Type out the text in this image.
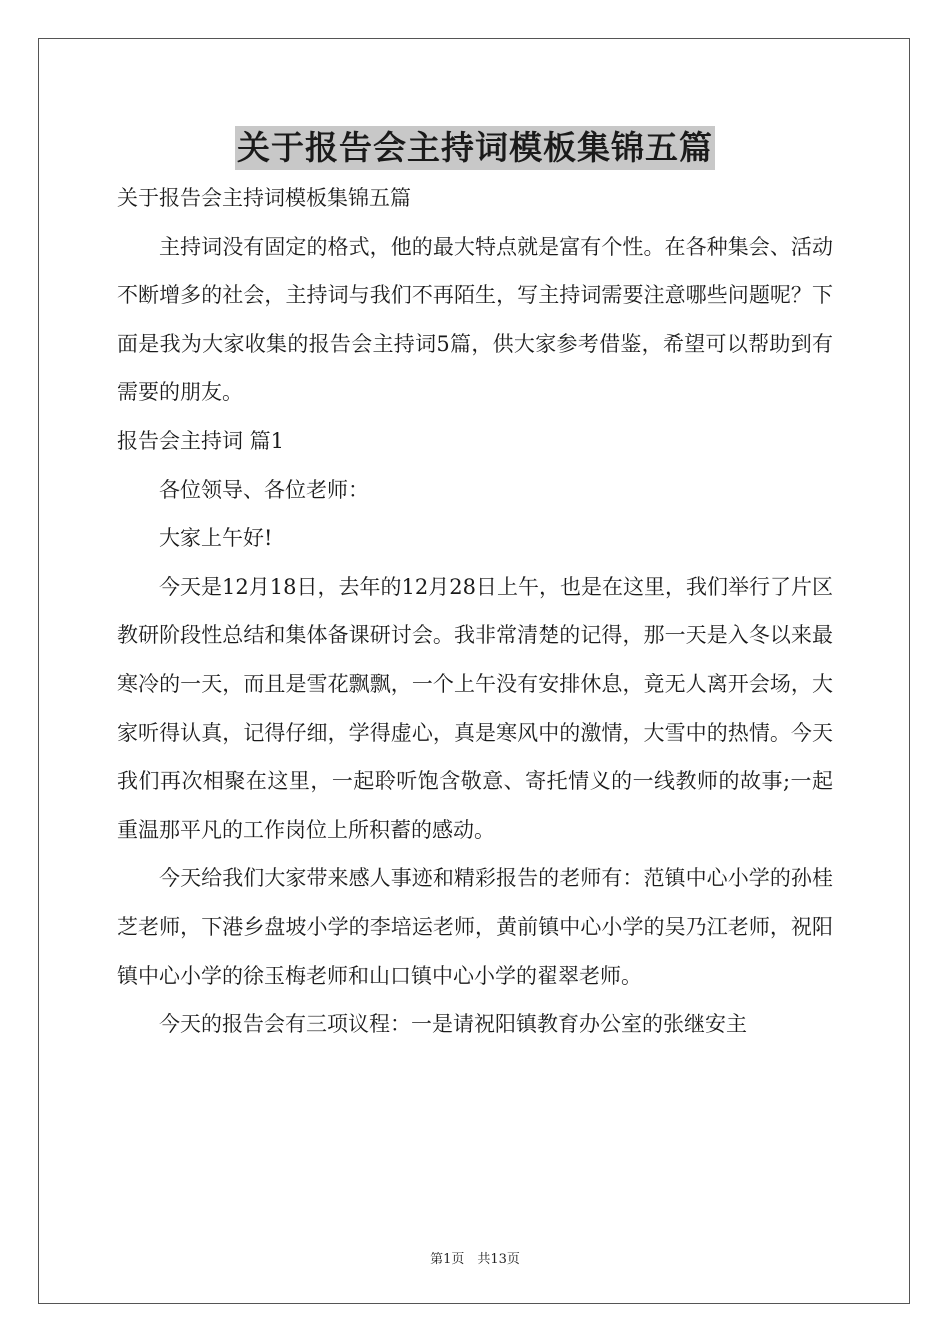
关于报告会主持词模板集锦五篇

关于报告会主持词模板集锦五篇

主持词没有固定的格式，他的最大特点就是富有个性。在各种集会、活动不断增多的社会，主持词与我们不再陌生，写主持词需要注意哪些问题呢？下面是我为大家收集的报告会主持词5篇，供大家参考借鉴，希望可以帮助到有需要的朋友。

报告会主持词 篇1

各位领导、各位老师：

大家上午好!

今天是12月18日，去年的12月28日上午，也是在这里，我们举行了片区教研阶段性总结和集体备课研讨会。我非常清楚的记得，那一天是入冬以来最寒冷的一天，而且是雪花飘飘，一个上午没有安排休息，竟无人离开会场，大家听得认真，记得仔细，学得虚心，真是寒风中的激情，大雪中的热情。今天我们再次相聚在这里，一起聆听饱含敬意、寄托情义的一线教师的故事;一起重温那平凡的工作岗位上所积蓄的感动。

今天给我们大家带来感人事迹和精彩报告的老师有：范镇中心小学的孙桂芝老师，下港乡盘坡小学的李培运老师，黄前镇中心小学的吴乃江老师，祝阳镇中心小学的徐玉梅老师和山口镇中心小学的翟翠老师。

今天的报告会有三项议程：一是请祝阳镇教育办公室的张继安主

第1页　共13页
